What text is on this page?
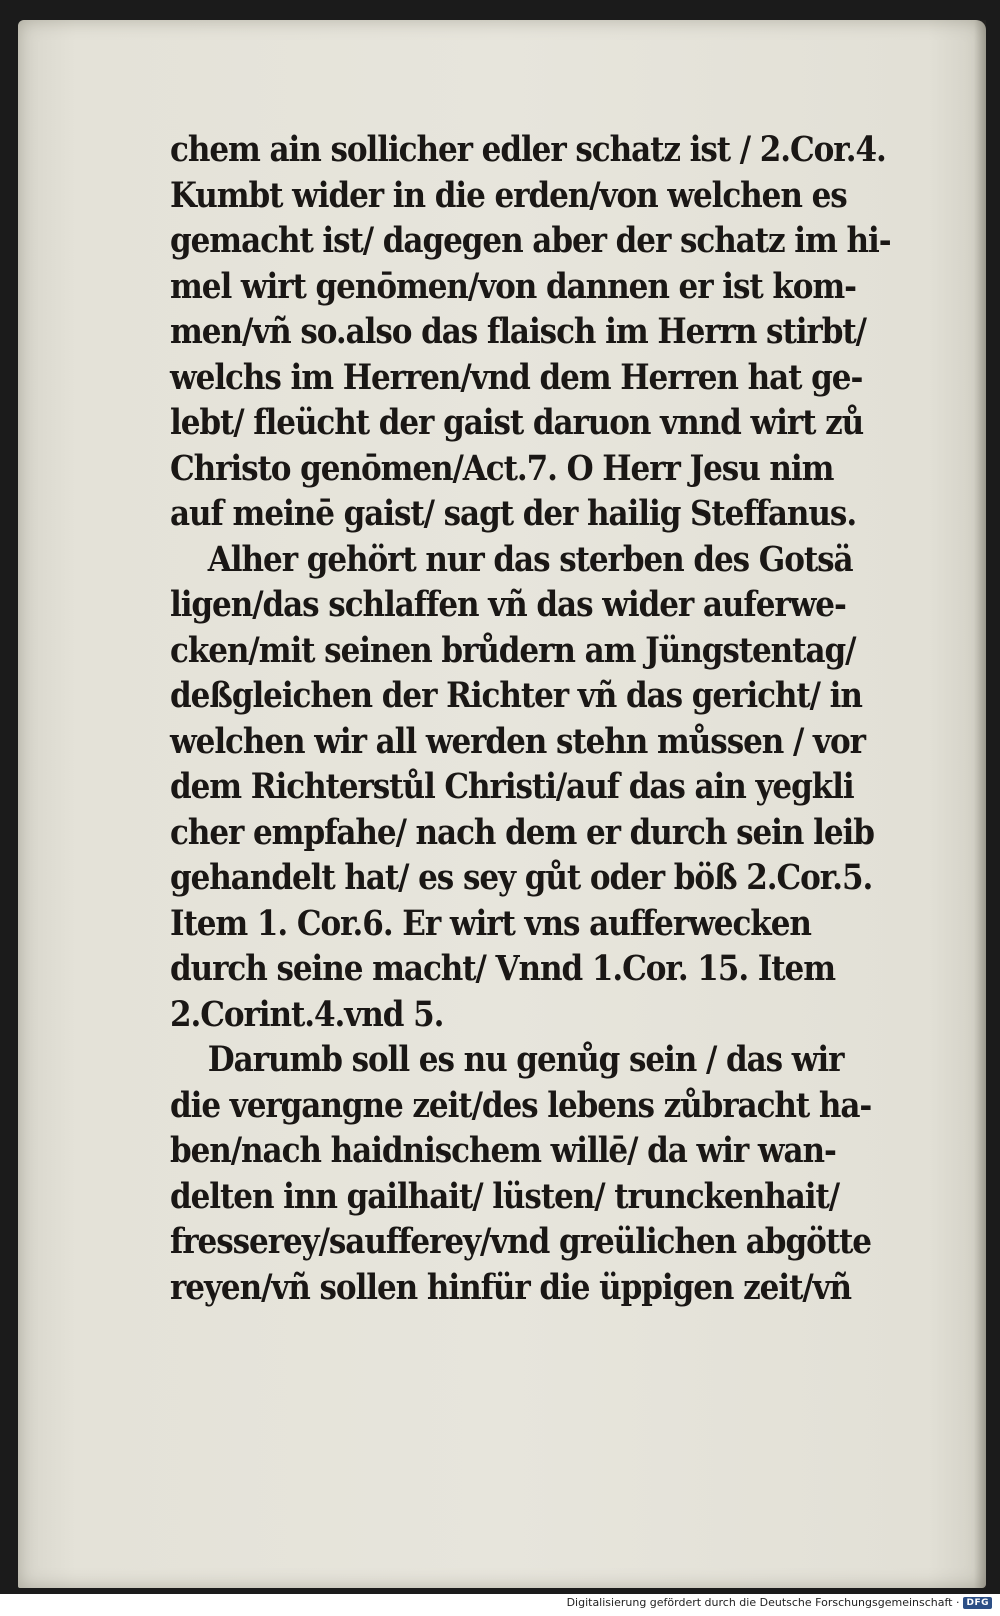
chem ain sollicher edler schatz ist / 2.Cor.4.
Kumbt wider in die erden/von welchen es
gemacht ist/ dagegen aber der schatz im hi-
mel wirt genōmen/von dannen er ist kom-
men/vñ so.also das flaisch im Herrn stirbt/
welchs im Herren/vnd dem Herren hat ge-
lebt/ fleücht der gaist daruon vnnd wirt zů
Christo genōmen/Act.7. O Herr Jesu nim
auf meinē gaist/ sagt der hailig Steffanus.
Alher gehört nur das sterben des Gotsä
ligen/das schlaffen vñ das wider auferwe-
cken/mit seinen brůdern am Jüngstentag/
deßgleichen der Richter vñ das gericht/ in
welchen wir all werden stehn můssen / vor
dem Richterstůl Christi/auf das ain yegkli
cher empfahe/ nach dem er durch sein leib
gehandelt hat/ es sey gůt oder böß 2.Cor.5.
Item 1. Cor.6. Er wirt vns aufferwecken
durch seine macht/ Vnnd 1.Cor. 15. Item
2.Corint.4.vnd 5.
Darumb soll es nu genůg sein / das wir
die vergangne zeit/des lebens zůbracht ha-
ben/nach haidnischem willē/ da wir wan-
delten inn gailhait/ lüsten/ trunckenhait/
fresserey/saufferey/vnd greülichen abgötte
reyen/vñ sollen hinfür die üppigen zeit/vñ
Digitalisierung gefördert durch die Deutsche Forschungsgemeinschaft · DFG
